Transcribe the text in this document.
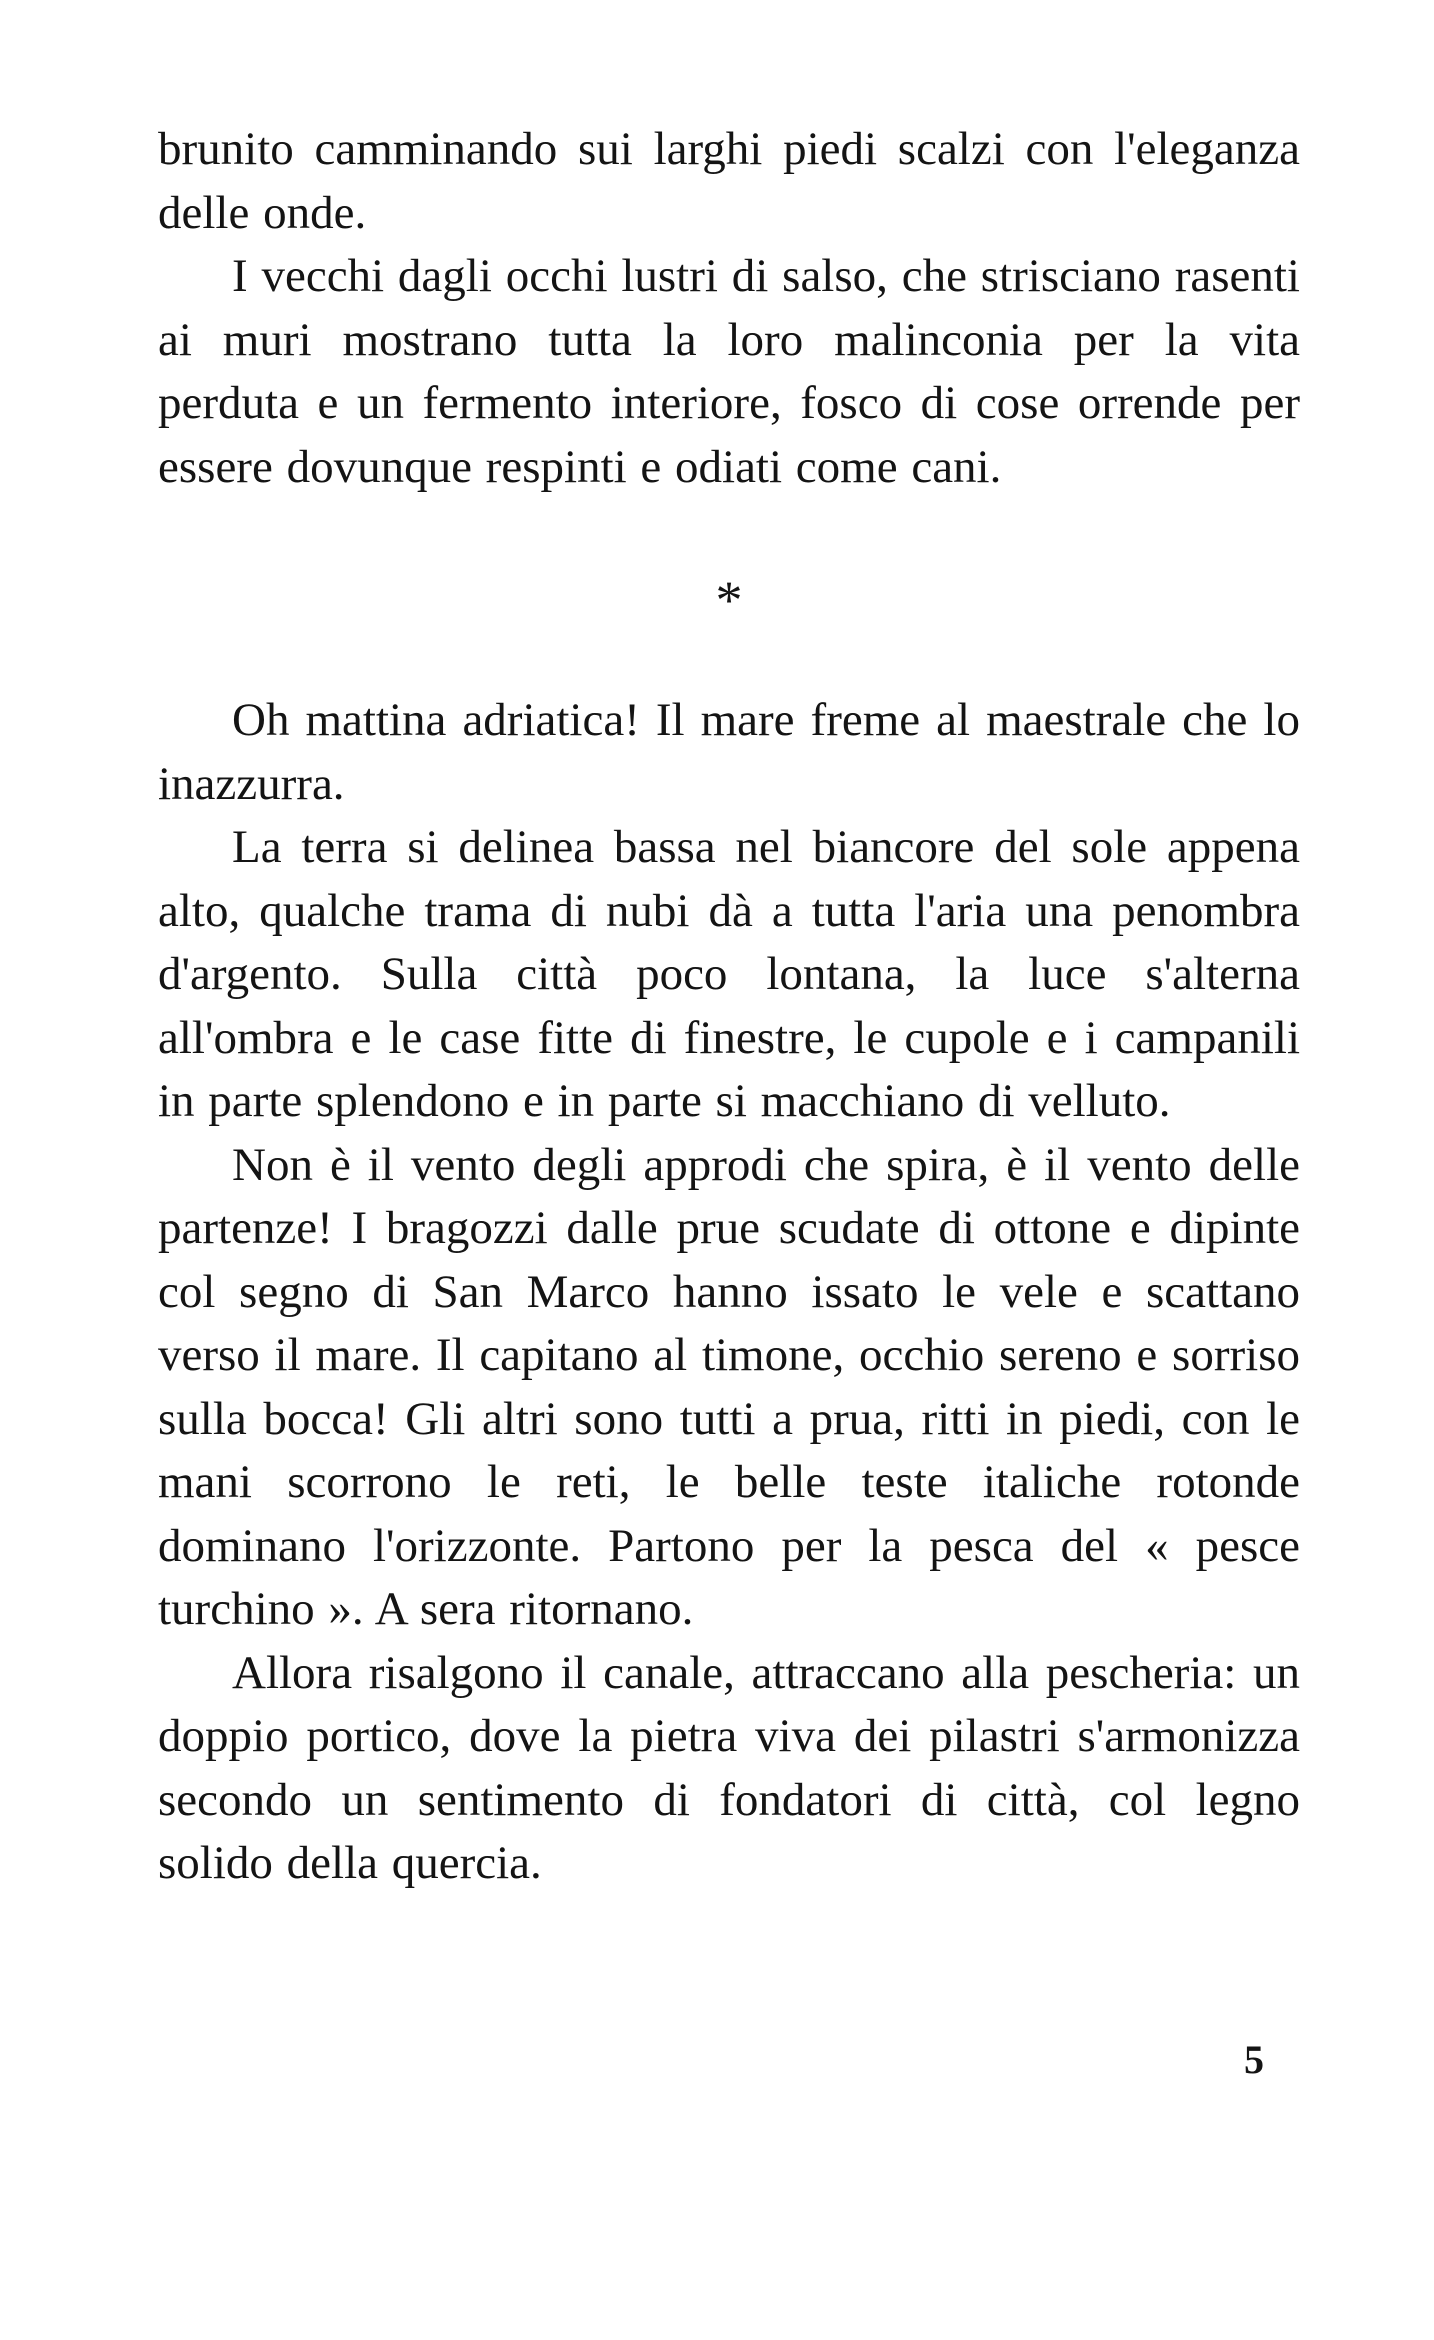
brunito camminando sui larghi piedi scalzi con l'eleganza delle onde.

I vecchi dagli occhi lustri di salso, che strisciano rasenti ai muri mostrano tutta la loro malinconia per la vita perduta e un fermento interiore, fosco di cose orrende per essere dovunque respinti e odiati come cani.

*

Oh mattina adriatica! Il mare freme al maestrale che lo inazzurra.

La terra si delinea bassa nel biancore del sole appena alto, qualche trama di nubi dà a tutta l'aria una penombra d'argento. Sulla città poco lontana, la luce s'alterna all'ombra e le case fitte di finestre, le cupole e i campanili in parte splendono e in parte si macchiano di velluto.

Non è il vento degli approdi che spira, è il vento delle partenze! I bragozzi dalle prue scudate di ottone e dipinte col segno di San Marco hanno issato le vele e scattano verso il mare. Il capitano al timone, occhio sereno e sorriso sulla bocca! Gli altri sono tutti a prua, ritti in piedi, con le mani scorrono le reti, le belle teste italiche rotonde dominano l'orizzonte. Partono per la pesca del « pesce turchino ». A sera ritornano.

Allora risalgono il canale, attraccano alla pescheria: un doppio portico, dove la pietra viva dei pilastri s'armonizza secondo un sentimento di fondatori di città, col legno solido della quercia.

5
